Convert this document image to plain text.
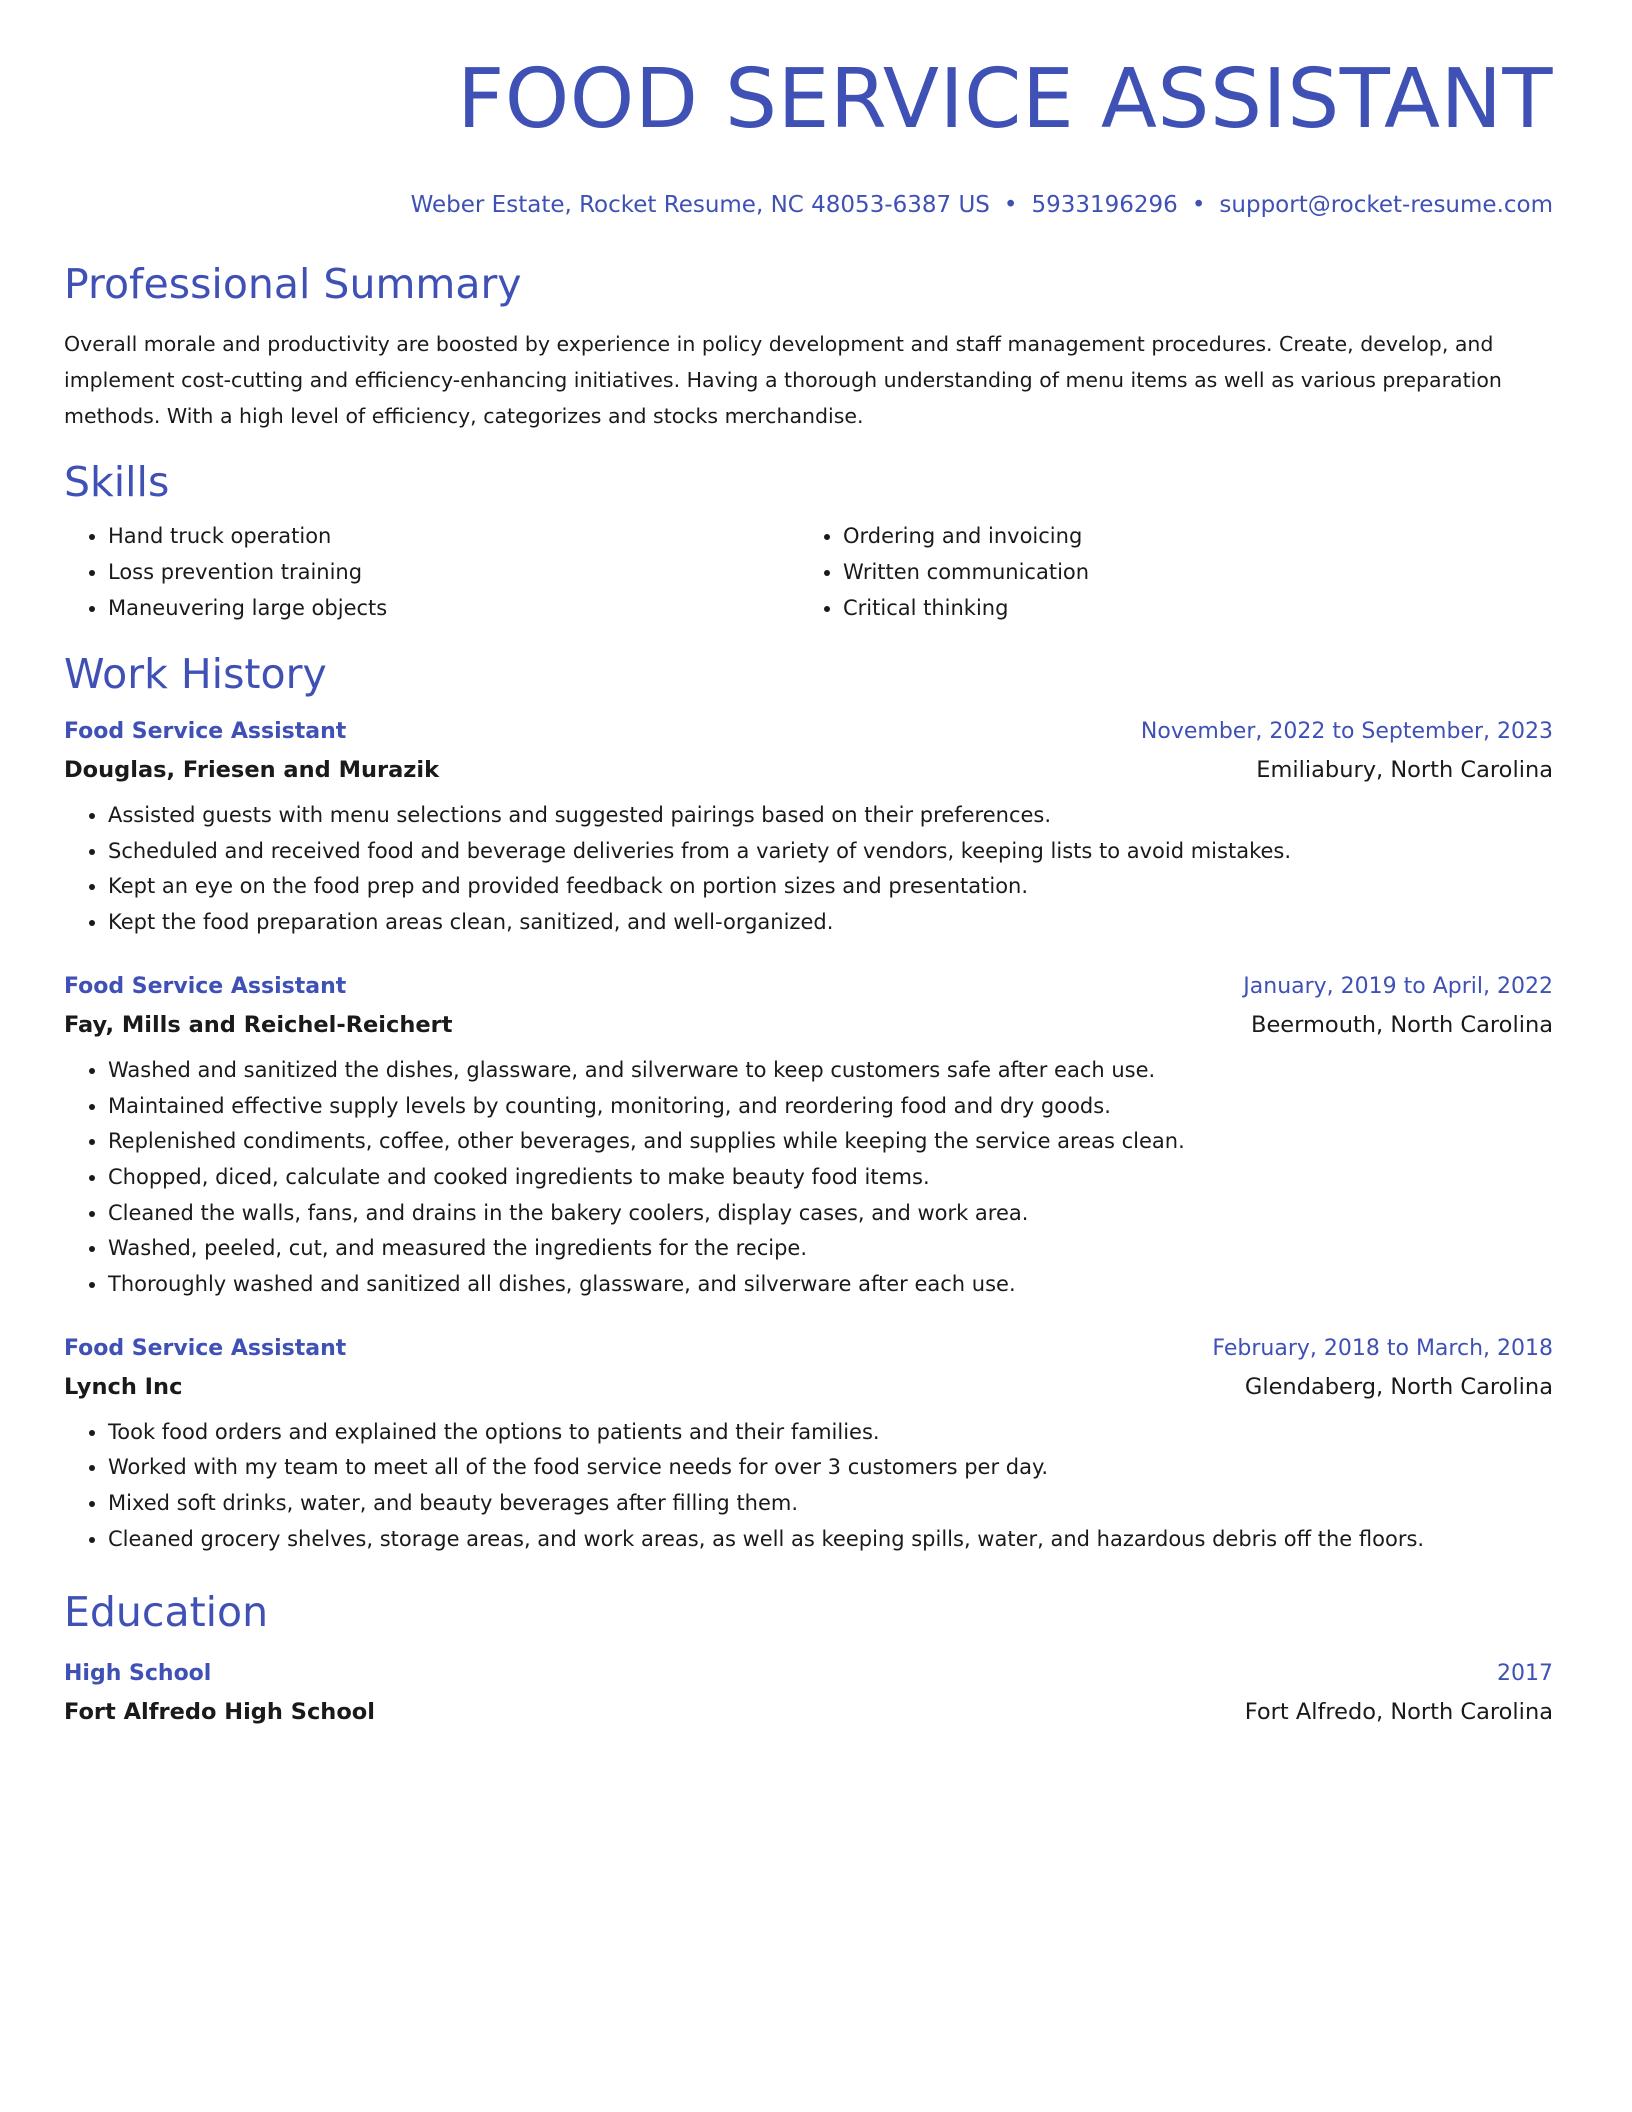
FOOD SERVICE ASSISTANT
Weber Estate, Rocket Resume, NC 48053-6387 US • 5933196296 • support@rocket-resume.com
Professional Summary

Overall morale and productivity are boosted by experience in policy development and staff management procedures. Create, develop, and implement cost-cutting and efficiency-enhancing initiatives. Having a thorough understanding of menu items as well as various preparation methods. With a high level of efficiency, categorizes and stocks merchandise.

Skills
• Hand truck operation
• Loss prevention training
• Maneuvering large objects
• Ordering and invoicing
• Written communication
• Critical thinking
Work History
Food Service Assistant	November, 2022 to September, 2023
Douglas, Friesen and Murazik	Emiliabury, North Carolina
• Assisted guests with menu selections and suggested pairings based on their preferences.
• Scheduled and received food and beverage deliveries from a variety of vendors, keeping lists to avoid mistakes.
• Kept an eye on the food prep and provided feedback on portion sizes and presentation.
• Kept the food preparation areas clean, sanitized, and well-organized.
Food Service Assistant	January, 2019 to April, 2022
Fay, Mills and Reichel-Reichert	Beermouth, North Carolina
• Washed and sanitized the dishes, glassware, and silverware to keep customers safe after each use.
• Maintained effective supply levels by counting, monitoring, and reordering food and dry goods.
• Replenished condiments, coffee, other beverages, and supplies while keeping the service areas clean.
• Chopped, diced, calculate and cooked ingredients to make beauty food items.
• Cleaned the walls, fans, and drains in the bakery coolers, display cases, and work area.
• Washed, peeled, cut, and measured the ingredients for the recipe.
• Thoroughly washed and sanitized all dishes, glassware, and silverware after each use.
Food Service Assistant	February, 2018 to March, 2018
Lynch Inc	Glendaberg, North Carolina
• Took food orders and explained the options to patients and their families.
• Worked with my team to meet all of the food service needs for over 3 customers per day.
• Mixed soft drinks, water, and beauty beverages after filling them.
• Cleaned grocery shelves, storage areas, and work areas, as well as keeping spills, water, and hazardous debris off the floors.
Education
High School	2017
Fort Alfredo High School	Fort Alfredo, North Carolina
